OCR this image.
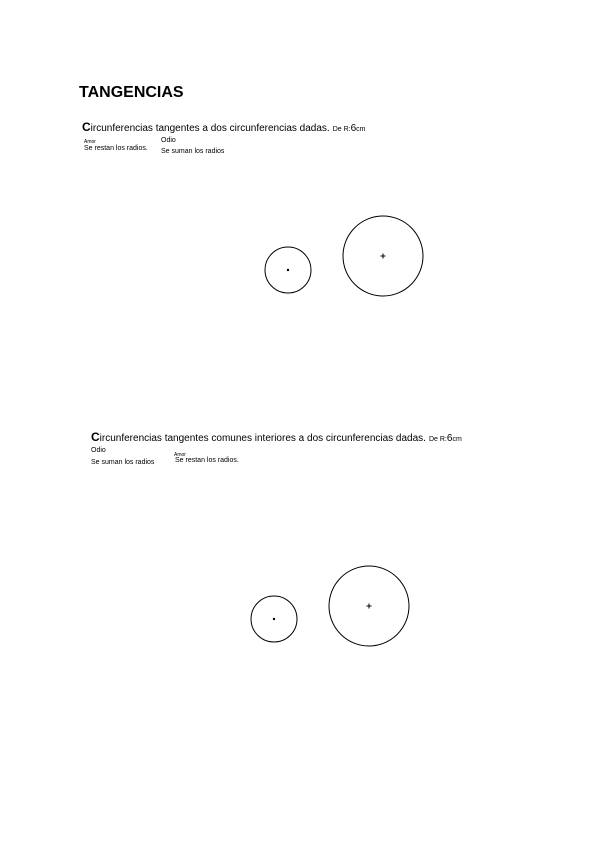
TANGENCIAS
Circunferencias tangentes a dos circunferencias dadas. De R:6cm
Amor
Se restan los radios.
Odio
Se suman los radios
Circunferencias tangentes comunes interiores a dos circunferencias dadas. De R:6cm
Odio
Se suman los radios
Amor
Se restan los radios.
